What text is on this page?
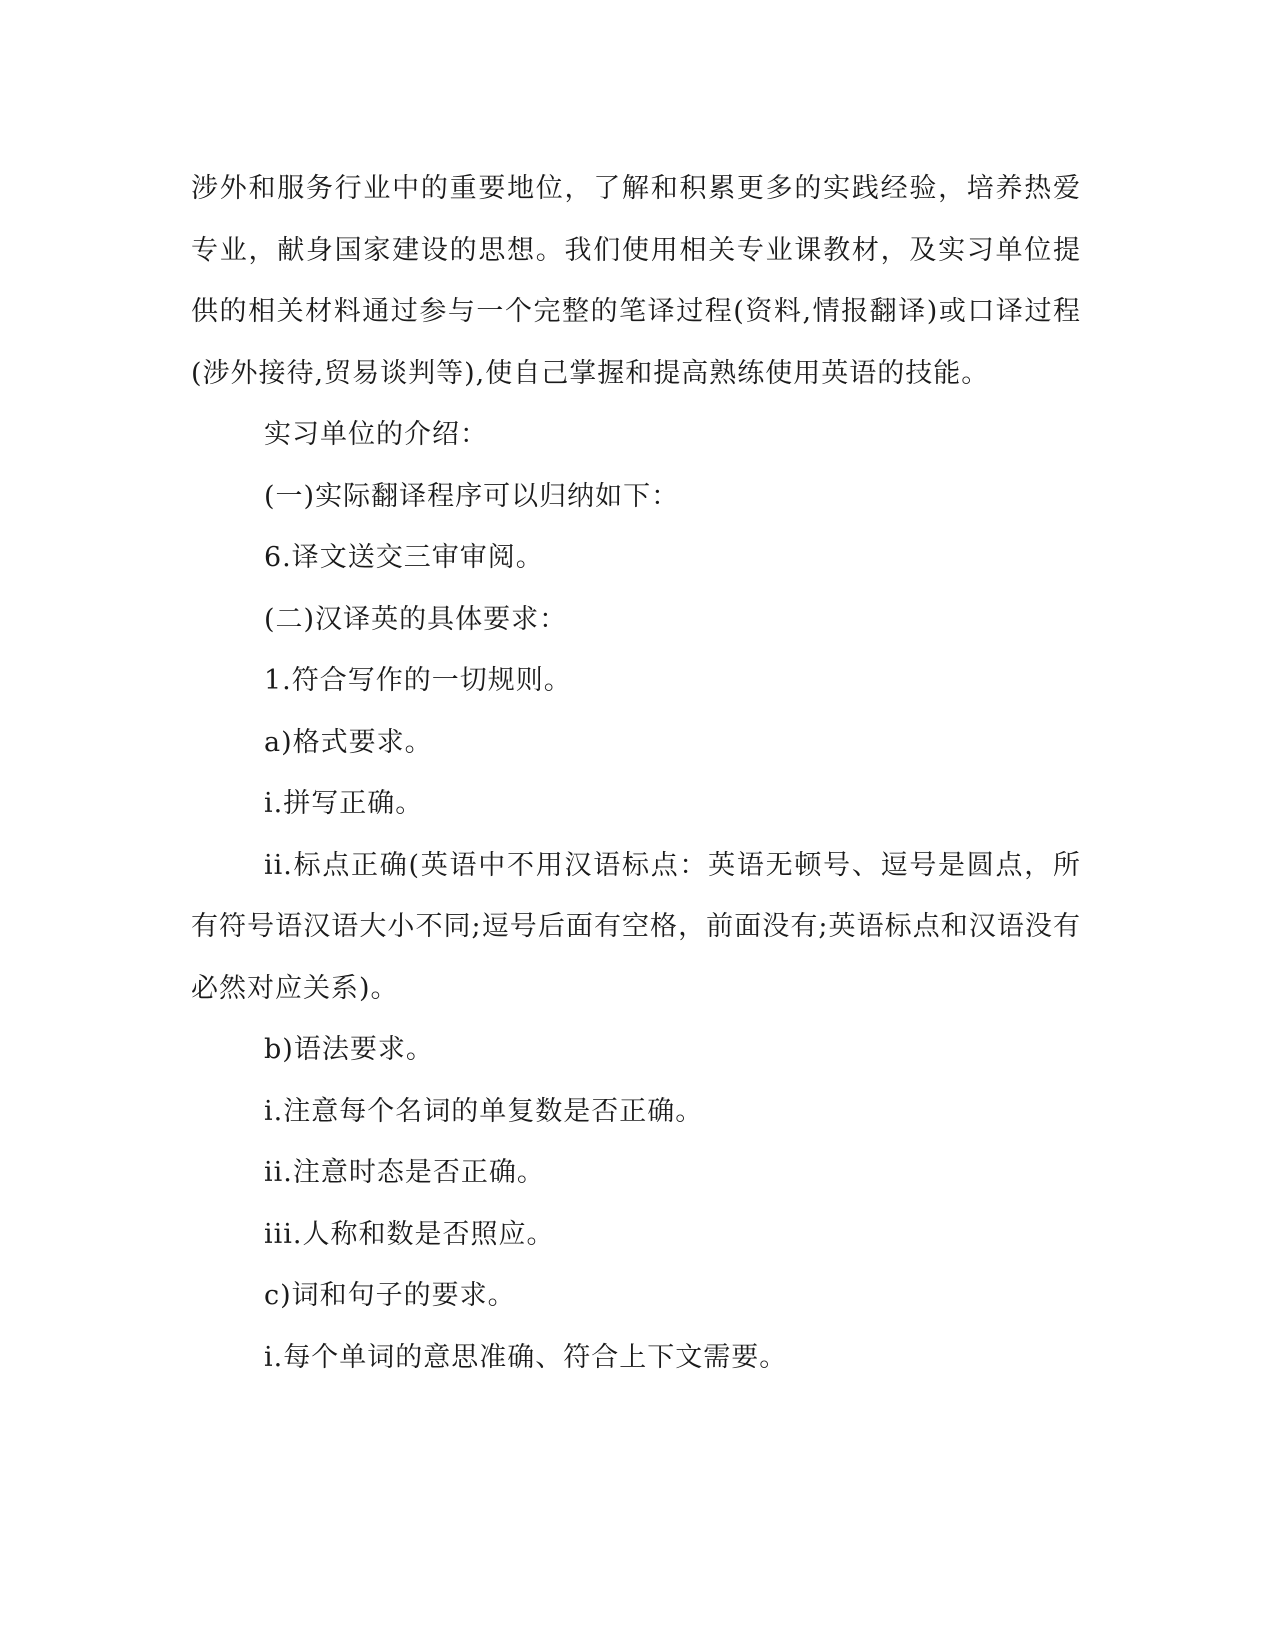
涉外和服务行业中的重要地位，了解和积累更多的实践经验，培养热爱专业，献身国家建设的思想。我们使用相关专业课教材，及实习单位提供的相关材料通过参与一个完整的笔译过程(资料,情报翻译)或口译过程(涉外接待,贸易谈判等),使自己掌握和提高熟练使用英语的技能。

实习单位的介绍：

(一)实际翻译程序可以归纳如下：

6.译文送交三审审阅。

(二)汉译英的具体要求：

1.符合写作的一切规则。

a)格式要求。

i.拼写正确。

ii.标点正确(英语中不用汉语标点：英语无顿号、逗号是圆点，所有符号语汉语大小不同;逗号后面有空格，前面没有;英语标点和汉语没有必然对应关系)。

b)语法要求。

i.注意每个名词的单复数是否正确。

ii.注意时态是否正确。

iii.人称和数是否照应。

c)词和句子的要求。

i.每个单词的意思准确、符合上下文需要。
